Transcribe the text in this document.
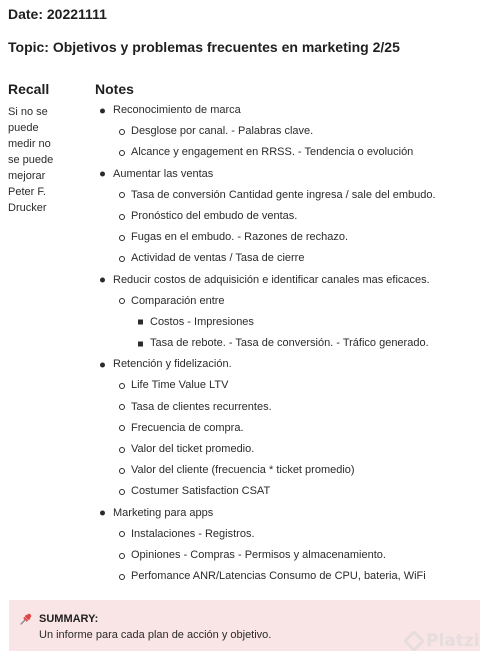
Date: 20221111
Topic: Objetivos y problemas frecuentes en marketing 2/25
Recall
Si no se puede medir no se puede mejorar Peter F. Drucker
Notes
Reconocimiento de marca
Desglose por canal. - Palabras clave.
Alcance y engagement en RRSS. - Tendencia o evolución
Aumentar las ventas
Tasa de conversión Cantidad gente ingresa / sale del embudo.
Pronóstico del embudo de ventas.
Fugas en el embudo. - Razones de rechazo.
Actividad de ventas / Tasa de cierre
Reducir costos de adquisición e identificar canales mas eficaces.
Comparación entre
Costos - Impresiones
Tasa de rebote. - Tasa de conversión. - Tráfico generado.
Retención y fidelización.
Life Time Value LTV
Tasa de clientes recurrentes.
Frecuencia de compra.
Valor del ticket promedio.
Valor del cliente (frecuencia * ticket promedio)
Costumer Satisfaction CSAT
Marketing para apps
Instalaciones - Registros.
Opiniones - Compras - Permisos y almacenamiento.
Perfomance ANR/Latencias Consumo de CPU, bateria, WiFi
SUMMARY:
Un informe para cada plan de acción y objetivo.	Platzi
